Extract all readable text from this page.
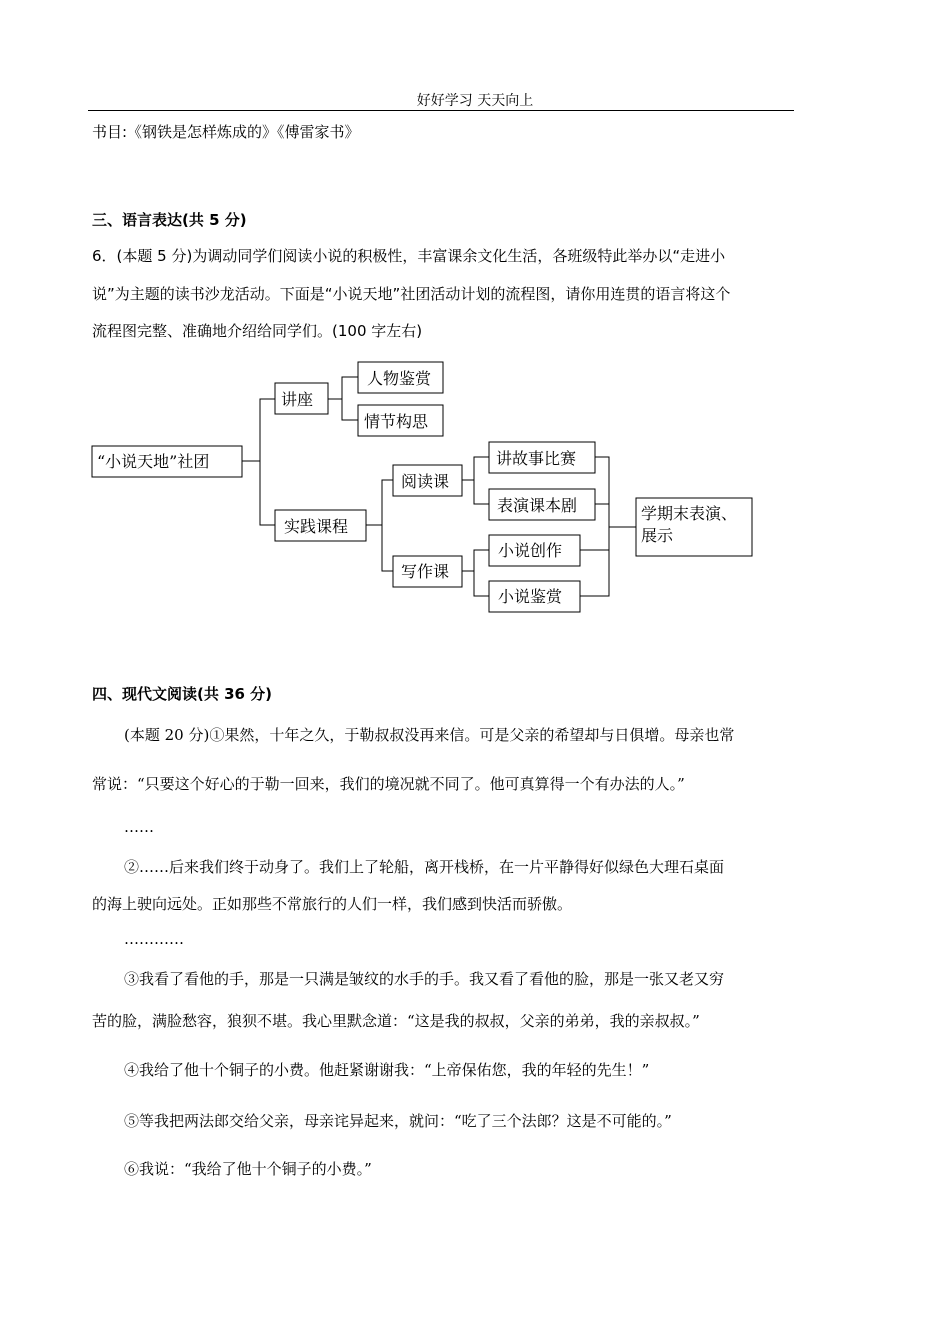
好好学习 天天向上
书目:《钢铁是怎样炼成的》《傅雷家书》
三、语言表达(共 5 分)
6．(本题 5 分)为调动同学们阅读小说的积极性，丰富课余文化生活，各班级特此举办以“走进小
说”为主题的读书沙龙活动。下面是“小说天地”社团活动计划的流程图，请你用连贯的语言将这个
流程图完整、准确地介绍给同学们。(100 字左右)
“小说天地”社团
讲座
人物鉴赏
情节构思
实践课程
阅读课
讲故事比赛
表演课本剧
写作课
小说创作
小说鉴赏
学期末表演、
展示
四、现代文阅读(共 36 分)
(本题 20 分)①果然，十年之久，于勒叔叔没再来信。可是父亲的希望却与日俱增。母亲也常
常说：“只要这个好心的于勒一回来，我们的境况就不同了。他可真算得一个有办法的人。”
……
②……后来我们终于动身了。我们上了轮船，离开栈桥，在一片平静得好似绿色大理石桌面
的海上驶向远处。正如那些不常旅行的人们一样，我们感到快活而骄傲。
…………
③我看了看他的手，那是一只满是皱纹的水手的手。我又看了看他的脸，那是一张又老又穷
苦的脸，满脸愁容，狼狈不堪。我心里默念道：“这是我的叔叔，父亲的弟弟，我的亲叔叔。”
④我给了他十个铜子的小费。他赶紧谢谢我：“上帝保佑您，我的年轻的先生！”
⑤等我把两法郎交给父亲，母亲诧异起来，就问：“吃了三个法郎？这是不可能的。”
⑥我说：“我给了他十个铜子的小费。”
